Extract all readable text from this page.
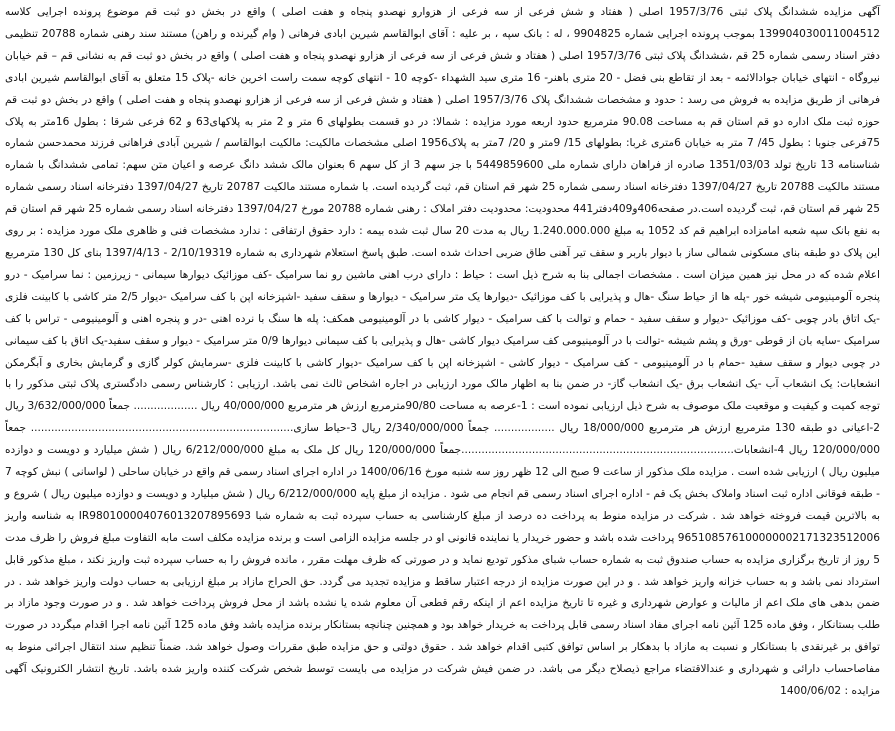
آگهی مزایده ششدانگ پلاک ثبتی 1957/3/76 اصلی ( هفتاد و شش فرعی از سه فرعی از هزوارو نهصدو پنجاه و هفت اصلی ) واقع در بخش دو ثبت قم موضوع پرونده اجرایی کلاسه 139904030011004512 بموجب پرونده اجرایی شماره 9904825 ، له : بانک سپه ، بر علیه : آقای ابوالقاسم شیرین ابادی فرهانی ( وام گیرنده و راهن) مستند سند رهنی شماره 20788 تنظیمی دفتر اسناد رسمی شماره 25 قم ،ششدانگ پلاک ثبتی 1957/3/76 اصلی ( هفتاد و شش فرعی از سه فرعی از هزارو نهصدو پنجاه و هفت اصلی ) واقع در بخش دو ثبت قم به نشانی قم – قم خیابان نیروگاه - انتهای خیابان جوادالائمه - بعد از تقاطع بنی فضل - 20 متری باهنر- 16 متری سید الشهداء -کوچه 10 - انتهای کوچه سمت راست اخرین خانه -پلاک 15 متعلق به آقای ابوالقاسم شیرین ابادی فرهانی از طریق مزایده به فروش می رسد : حدود و مشخصات ششدانگ پلاک 1957/3/76 اصلی ( هفتاد و شش فرعی از سه فرعی از هزارو نهصدو پنجاه و هفت اصلی ) واقع در بخش دو ثبت قم حوزه ثبت ملک اداره دو قم استان قم به مساحت 90.08 مترمربع حدود اربعه مورد مزایده : شمالا: در دو قسمت بطولهای 6 متر و 2 متر به پلاکهای63 و 62 فرعی شرقا : بطول 16متر به پلاک 75فرعی جنوبا : بطول 45/ 7 متر به خیابان 6متری غربا: بطولهای 15/ 9متر و 20/ 7متر به پلاک1956 اصلی مشخصات مالکیت: مالکیت ابوالقاسم / شیرین آبادی فراهانی فرزند محمدحسن شماره شناسنامه 13 تاریخ تولد 1351/03/03 صادره از فراهان دارای شماره ملی 5449859600 با جز سهم 3 از کل سهم 6 بعنوان مالک ششد دانگ عرصه و اعیان متن سهم: تمامی ششدانگ با شماره مستند مالکیت 20788 تاریخ 1397/04/27 دفترخانه اسناد رسمی شماره 25 شهر قم استان قم، ثبت گردیده است. با شماره مستند مالکیت 20787 تاریخ 1397/04/27 دفترخانه اسناد رسمی شماره 25 شهر قم استان قم، ثبت گردیده است.در صفحه406و409دفتر441 محدودیت: محدودیت دفتر املاک : رهنی شماره 20788 مورخ 1397/04/27 دفترخانه اسناد رسمی شماره 25 شهر قم استان قم به نفع بانک سپه شعبه امامزاده ابراهیم قم کد 1052 به مبلغ 1.240.000.000 ریال به مدت 20 سال ثبت شده بیمه : دارد حقوق ارتفاقی : ندارد مشخصات فنی و ظاهری ملک مورد مزایده : بر روی این پلاک دو طبقه بنای مسکونی شمالی ساز با دیوار باربر و سقف تیر آهنی طاق ضربی احداث شده است. طبق پاسخ استعلام شهرداری به شماره 2/10/19319 - 1397/4/13 بنای کل 130 مترمربع اعلام شده که در محل نیز همین میزان است . مشخصات اجمالی بنا به شرح ذیل است : حیاط : دارای درب اهنی ماشین رو نما سرامیک -کف موزائیک دیوارها سیمانی - زیرزمین : نما سرامیک - درو پنجره آلومینیومی شیشه خور -پله ها از حیاط سنگ -هال و پذیرایی با کف موزائیک -دیوارها یک متر سرامیک - دیوارها و سقف سفید -اشپزخانه اپن با کف سرامیک -دیوار 2/5 متر کاشی با کابینت فلزی -یک اتاق بادر چوبی -کف موزائیک -دیوار و سقف سفید - حمام و توالت با کف سرامیک - دیوار کاشی با در آلومینیومی همکف: پله ها سنگ با نرده اهنی -در و پنجره اهنی و آلومینیومی - تراس با کف سرامیک -سایه بان از قوطی -ورق و پشم شیشه -توالت با در آلومینیومی کف سرامیک دیوار کاشی -هال و پذیرایی با کف سیمانی دیوارها 0/9 متر سرامیک - دیوار و سقف سفید-یک اتاق با کف سیمانی در چوبی دیوار و سقف سفید -حمام با در آلومینیومی - کف سرامیک - دیوار کاشی - اشپزخانه اپن با کف سرامیک -دیوار کاشی با کابینت فلزی -سرمایش کولر گازی و گرمایش بخاری و آبگرمکن انشعابات: یک انشعاب آب -یک انشعاب برق -یک انشعاب گاز- در ضمن بنا به اظهار مالک مورد ارزیابی در اجاره اشخاص ثالث نمی باشد. ارزیابی : کارشناس رسمی دادگستری پلاک ثبتی مذکور را با توجه کمیت و کیفیت و موقعیت ملک موصوف به شرح ذیل ارزیابی نموده است : 1-عرصه به مساحت 90/80مترمربع ارزش هر مترمربع 40/000/000 ریال ................... جمعاً 3/632/000/000 ریال 2-اعیانی دو طبقه 130 مترمربع ارزش هر مترمربع 18/000/000 ریال .................. جمعاً 2/340/000/000 ریال 3-حیاط سازی.............................................................................. جمعاً 120/000/000 ریال 4-انشعابات.................................................................................جمعاً 120/000/000 ریال کل ملک به مبلغ 6/212/000/000 ریال ( شش میلیارد و دویست و دوازده میلیون ریال ) ارزیابی شده است . مزایده ملک مذکور از ساعت 9 صبح الی 12 ظهر روز سه شنبه مورخ 1400/06/16 در اداره اجرای اسناد رسمی قم واقع در خیابان ساحلی ( لواسانی ) نبش کوچه 7 - طبقه فوقانی اداره ثبت اسناد واملاک بخش یک قم - اداره اجرای اسناد رسمی قم انجام می شود . مزایده از مبلغ پایه 6/212/000/000 ریال ( شش میلیارد و دویست و دوازده میلیون ریال ) شروع و به بالاترین قیمت فروخته خواهد شد . شرکت در مزایده منوط به پرداخت ده درصد از مبلغ کارشناسی به حساب سپرده ثبت به شماره شبا IR980100004076013207895693 به شناسه واریز 965108576100000002171323512006 پرداخت شده باشد و حضور خریدار یا نماینده قانونی او در جلسه مزایده الزامی است و برنده مزایده مکلف است مابه التفاوت مبلغ فروش را ظرف مدت 5 روز از تاریخ برگزاری مزایده به حساب صندوق ثبت به شماره حساب شبای مذکور تودیع نماید و در صورتی که ظرف مهلت مقرر ، مانده فروش را به حساب سپرده ثبت واریز نکند ، مبلغ مذکور قابل استرداد نمی باشد و به حساب خزانه واریز خواهد شد . و در این صورت مزایده از درجه اعتبار ساقط و مزایده تجدید می گردد. حق الحراج مازاد بر مبلغ ارزیابی به حساب دولت واریز خواهد شد . در ضمن بدهی های ملک اعم از مالیات و عوارض شهرداری و غیره تا تاریخ مزایده اعم از اینکه رقم قطعی آن معلوم شده یا نشده باشد از محل فروش پرداخت خواهد شد . و در صورت وجود مازاد بر طلب بستانکار ، وفق ماده 125 آئین نامه اجرای مفاد اسناد رسمی قابل پرداخت به خریدار خواهد بود و همچنین چنانچه بستانکار برنده مزایده باشد وفق ماده 125 آئین نامه اجرا اقدام میگردد در صورت توافق بر غیرنقدی با بستانکار و نسبت به مازاد با بدهکار بر اساس توافق کتبی اقدام خواهد شد . حقوق دولتی و حق مزایده طبق مقررات وصول خواهد شد. ضمناً تنظیم سند انتقال اجرائی منوط به مفاصاحساب دارائی و شهرداری و عندالاقتضاء مراجع ذیصلاح دیگر می باشد. در ضمن فیش شرکت در مزایده می بایست توسط شخص شرکت کننده واریز شده باشد. تاریخ انتشار الکترونیک آگهی مزایده : 1400/06/02
